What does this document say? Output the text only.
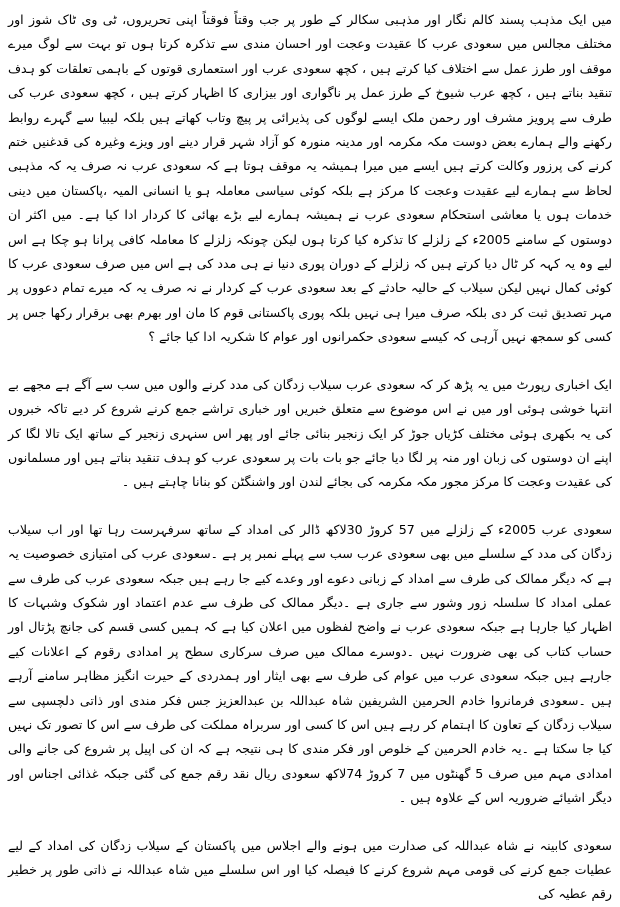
میں ایک مذہب پسند کالم نگار اور مذہبی سکالر کے طور پر جب وقتاً فوقتاً اپنی تحریروں، ٹی وی ٹاک شوز اور مختلف مجالس میں سعودی عرب کا عقیدت وعجت اور احسان مندی سے تذکرہ کرتا ہوں تو بہت سے لوگ میرے موقف اور طرز عمل سے اختلاف کیا کرتے ہیں ، کچھ سعودی عرب اور استعماری قوتوں کے باہمی تعلقات کو ہدف تنقید بناتے ہیں ، کچھ عرب شیوخ کے طرز عمل پر ناگواری اور بیزاری کا اظہار کرتے ہیں ، کچھ سعودی عرب کی طرف سے پرویز مشرف اور رحمن ملک ایسے لوگوں کی پذیرائی پر پیچ وتاب کھاتے ہیں بلکہ لیبیا سے گہرے روابط رکھنے والے ہمارے بعض دوست مکہ مکرمہ اور مدینہ منورہ کو آزاد شہر قرار دینے اور ویزے وغیرہ کی قدغنیں ختم کرنے کی پرزور وکالت کرتے ہیں ایسے میں میرا ہمیشہ یہ موقف ہوتا ہے کہ سعودی عرب نہ صرف یہ کہ مذہبی لحاظ سے ہمارے لیے عقیدت وعجت کا مرکز ہے بلکہ کوئی سیاسی معاملہ ہو یا انسانی المیہ ،پاکستان میں دینی خدمات ہوں یا معاشی استحکام سعودی عرب نے ہمیشہ ہمارے لیے بڑے بھائی کا کردار ادا کیا ہے۔ میں اکثر ان دوستوں کے سامنے 2005ء کے زلزلے کا تذکرہ کیا کرتا ہوں لیکن چونکہ زلزلے کا معاملہ کافی پرانا ہو چکا ہے اس لیے وہ یہ کہہ کر ٹال دیا کرتے ہیں کہ زلزلے کے دوران پوری دنیا نے ہی مدد کی ہے اس میں صرف سعودی عرب کا کوئی کمال نہیں لیکن سیلاب کے حالیہ حادثے کے بعد سعودی عرب کے کردار نے نہ صرف یہ کہ میرے تمام دعووں پر مہر تصدیق ثبت کر دی بلکہ صرف میرا ہی نہیں بلکہ پوری پاکستانی قوم کا مان اور بھرم بھی برقرار رکھا جس پر کسی کو سمجھ نہیں آرہی کہ کیسے سعودی حکمرانوں اور عوام کا شکریہ ادا کیا جائے ؟

ایک اخباری رپورٹ میں یہ پڑھ کر کہ سعودی عرب سیلاب زدگان کی مدد کرنے والوں میں سب سے آگے ہے مجھے بے انتہا خوشی ہوئی اور میں نے اس موضوع سے متعلق خبریں اور خباری تراشے جمع کرنے شروع کر دیے تاکہ خبروں کی یہ بکھری ہوئی مختلف کڑیاں جوڑ کر ایک زنجیر بنائی جائے اور پھر اس سنہری زنجیر کے ساتھ ایک تالا لگا کر اپنے ان دوستوں کی زبان اور منہ پر لگا دیا جائے جو بات بات پر سعودی عرب کو ہدف تنقید بناتے ہیں اور مسلمانوں کی عقیدت وعجت کا مرکز مجور مکہ مکرمہ کی بجائے لندن اور واشنگٹن کو بنانا چاہتے ہیں ۔

سعودی عرب 2005ء کے زلزلے میں 57 کروڑ 30لاکھ ڈالر کی امداد کے ساتھ سرفہرست رہا تھا اور اب سیلاب زدگان کی مدد کے سلسلے میں بھی سعودی عرب سب سے پہلے نمبر پر ہے ۔سعودی عرب کی امتیازی خصوصیت یہ ہے کہ دیگر ممالک کی طرف سے امداد کے زبانی دعوے اور وعدے کیے جا رہے ہیں جبکہ سعودی عرب کی طرف سے عملی امداد کا سلسلہ زور وشور سے جاری ہے ۔دیگر ممالک کی طرف سے عدم اعتماد اور شکوک وشبہات کا اظہار کیا جارہا ہے جبکہ سعودی عرب نے واضح لفظوں میں اعلان کیا ہے کہ ہمیں کسی قسم کی جانچ پڑتال اور حساب کتاب کی بھی ضرورت نہیں ۔دوسرے ممالک میں صرف سرکاری سطح پر امدادی رقوم کے اعلانات کیے جارہے ہیں جبکہ سعودی عرب میں عوام کی طرف سے بھی ایثار اور ہمدردی کے حیرت انگیز مظاہر سامنے آرہے ہیں ۔سعودی فرمانروا خادم الحرمین الشریفین شاہ عبداللہ بن عبدالعزیز جس فکر مندی اور ذاتی دلچسپی سے سیلاب زدگان کے تعاون کا اہتمام کر رہے ہیں اس کا کسی اور سربراہ مملکت کی طرف سے اس کا تصور تک نہیں کیا جا سکتا ہے ۔یہ خادم الحرمین کے خلوص اور فکر مندی کا ہی نتیجہ ہے کہ ان کی اپیل پر شروع کی جانے والی امدادی مہم میں صرف 5 گھنٹوں میں 7 کروڑ 74لاکھ سعودی ریال نقد رقم جمع کی گئی جبکہ غذائی اجناس اور دیگر اشیائے ضروریہ اس کے علاوہ ہیں ۔

سعودی کابینہ نے شاہ عبداللہ کی صدارت میں ہونے والے اجلاس میں پاکستان کے سیلاب زدگان کی امداد کے لیے عطیات جمع کرنے کی قومی مہم شروع کرنے کا فیصلہ کیا اور اس سلسلے میں شاہ عبداللہ نے ذاتی طور پر خطیر رقم عطیہ کی
